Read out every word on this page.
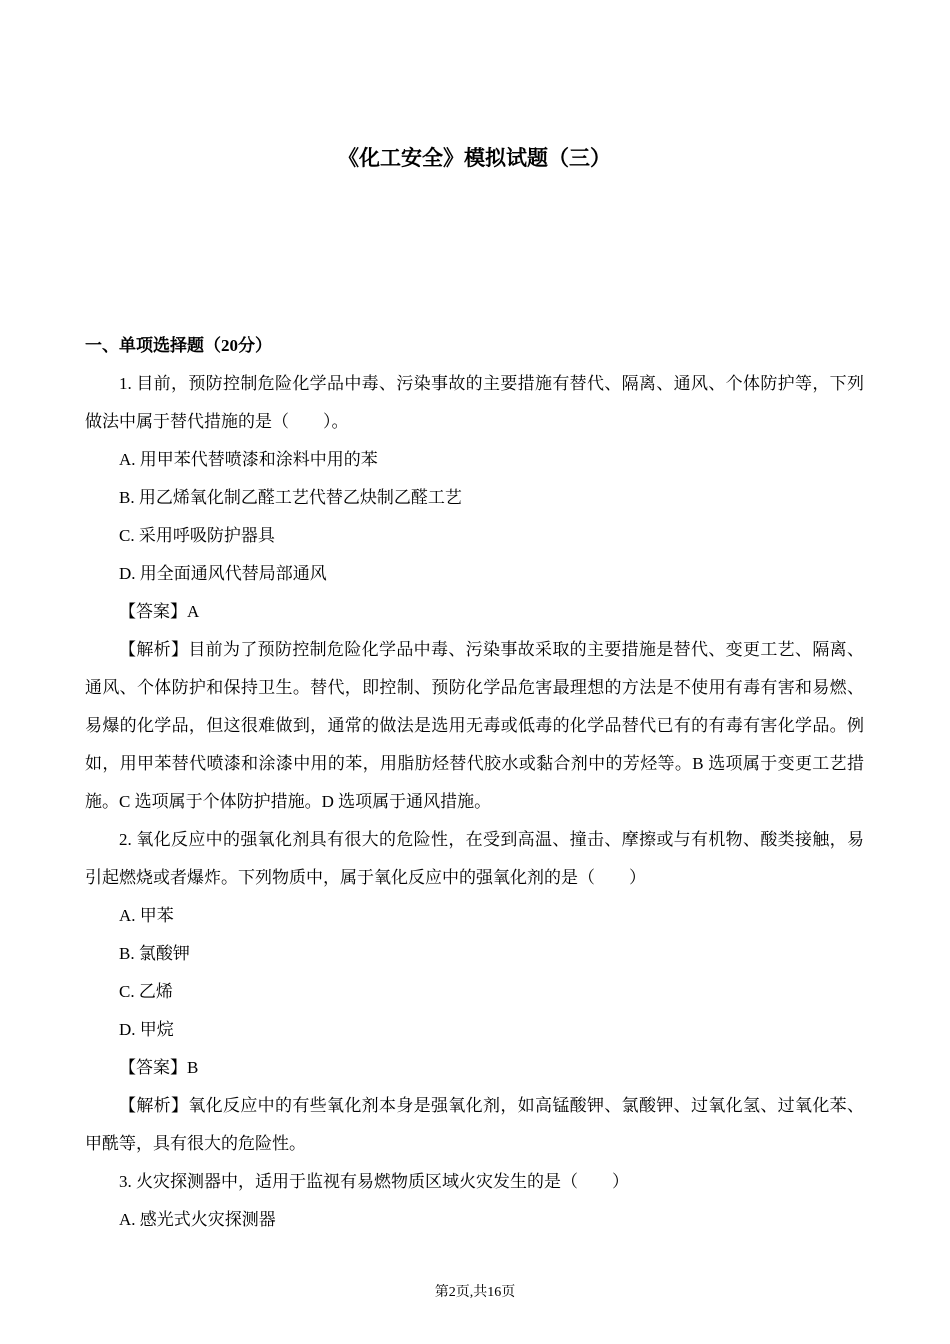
《化工安全》模拟试题（三）
一、单项选择题（20分）

1. 目前，预防控制危险化学品中毒、污染事故的主要措施有替代、隔离、通风、个体防护等，下列做法中属于替代措施的是（　　）。

A. 用甲苯代替喷漆和涂料中用的苯

B. 用乙烯氧化制乙醛工艺代替乙炔制乙醛工艺

C. 采用呼吸防护器具

D. 用全面通风代替局部通风

【答案】A

【解析】目前为了预防控制危险化学品中毒、污染事故采取的主要措施是替代、变更工艺、隔离、通风、个体防护和保持卫生。替代，即控制、预防化学品危害最理想的方法是不使用有毒有害和易燃、易爆的化学品，但这很难做到，通常的做法是选用无毒或低毒的化学品替代已有的有毒有害化学品。例如，用甲苯替代喷漆和涂漆中用的苯，用脂肪烃替代胶水或黏合剂中的芳烃等。B 选项属于变更工艺措施。C 选项属于个体防护措施。D 选项属于通风措施。

2. 氧化反应中的强氧化剂具有很大的危险性，在受到高温、撞击、摩擦或与有机物、酸类接触，易引起燃烧或者爆炸。下列物质中，属于氧化反应中的强氧化剂的是（　　）

A. 甲苯

B. 氯酸钾

C. 乙烯

D. 甲烷

【答案】B

【解析】氧化反应中的有些氧化剂本身是强氧化剂，如高锰酸钾、氯酸钾、过氧化氢、过氧化苯、甲酰等，具有很大的危险性。

3. 火灾探测器中，适用于监视有易燃物质区域火灾发生的是（　　）

A. 感光式火灾探测器

第2页,共16页
